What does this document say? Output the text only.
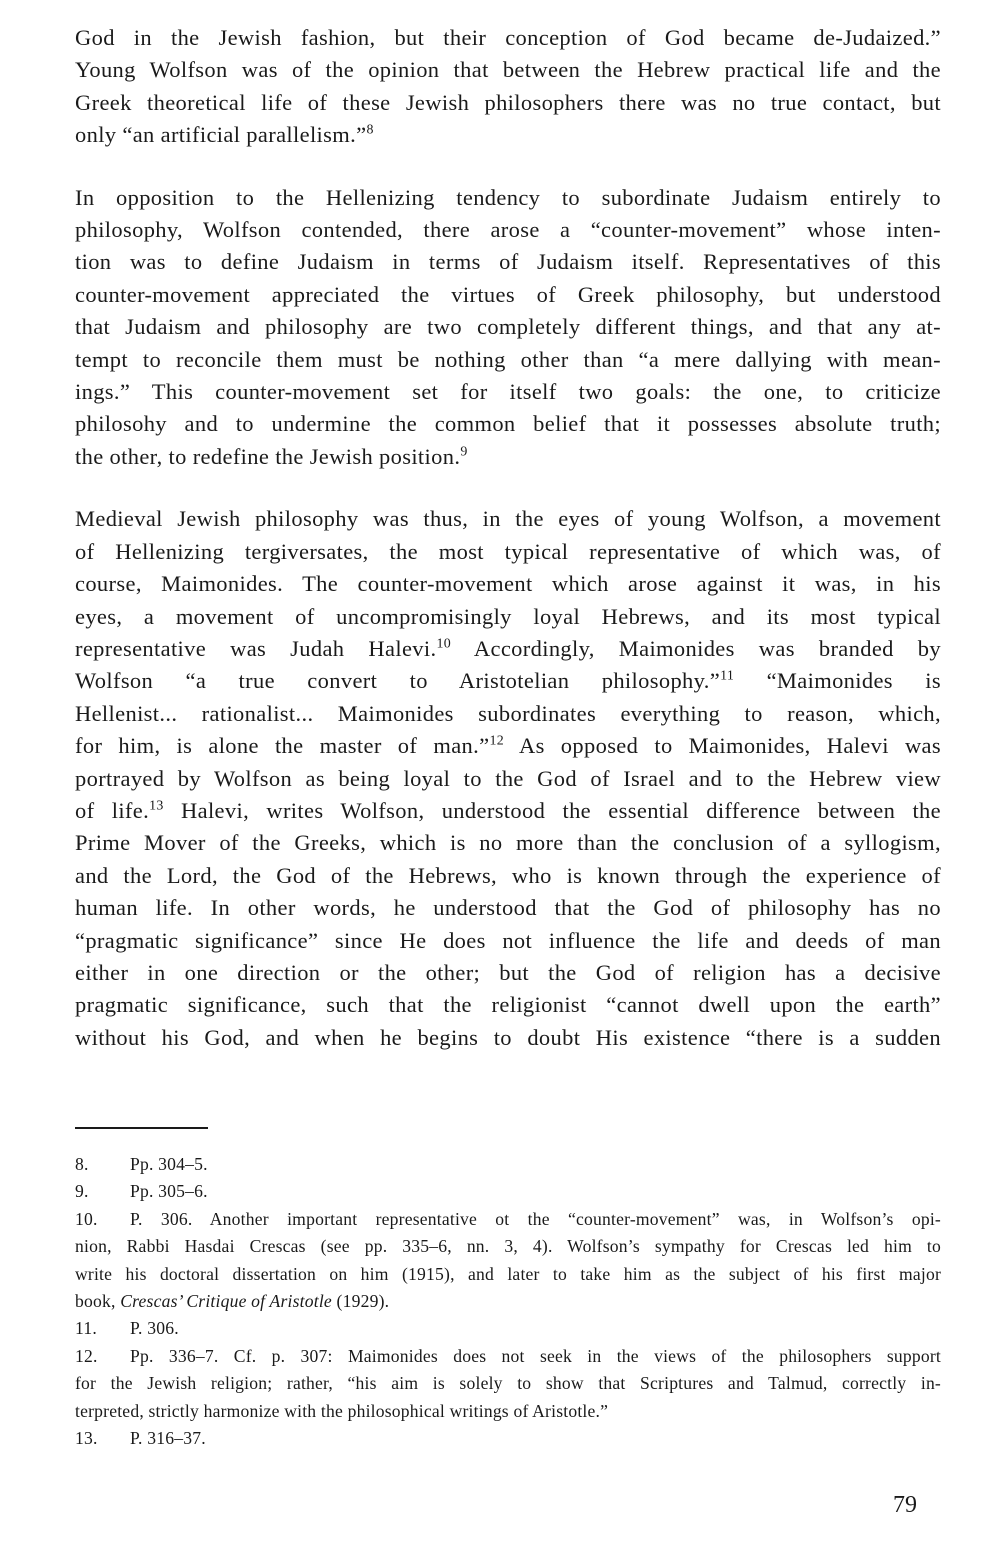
God in the Jewish fashion, but their conception of God became de-Judaized.”
Young Wolfson was of the opinion that between the Hebrew practical life and the
Greek theoretical life of these Jewish philosophers there was no true contact, but
only “an artificial parallelism.”$^8$

In opposition to the Hellenizing tendency to subordinate Judaism entirely to
philosophy, Wolfson contended, there arose a “counter-movement” whose inten-
tion was to define Judaism in terms of Judaism itself. Representatives of this
counter-movement appreciated the virtues of Greek philosophy, but understood
that Judaism and philosophy are two completely different things, and that any at-
tempt to reconcile them must be nothing other than “a mere dallying with mean-
ings.” This counter-movement set for itself two goals: the one, to criticize
philosohy and to undermine the common belief that it possesses absolute truth;
the other, to redefine the Jewish position.$^9$

Medieval Jewish philosophy was thus, in the eyes of young Wolfson, a movement
of Hellenizing tergiversates, the most typical representative of which was, of
course, Maimonides. The counter-movement which arose against it was, in his
eyes, a movement of uncompromisingly loyal Hebrews, and its most typical
representative was Judah Halevi.$^{10}$ Accordingly, Maimonides was branded by
Wolfson “a true convert to Aristotelian philosophy.”$^{11}$ “Maimonides is
Hellenist... rationalist... Maimonides subordinates everything to reason, which,
for him, is alone the master of man.”$^{12}$ As opposed to Maimonides, Halevi was
portrayed by Wolfson as being loyal to the God of Israel and to the Hebrew view
of life.$^{13}$ Halevi, writes Wolfson, understood the essential difference between the
Prime Mover of the Greeks, which is no more than the conclusion of a syllogism,
and the Lord, the God of the Hebrews, who is known through the experience of
human life. In other words, he understood that the God of philosophy has no
“pragmatic significance” since He does not influence the life and deeds of man
either in one direction or the other; but the God of religion has a decisive
pragmatic significance, such that the religionist “cannot dwell upon the earth”
without his God, and when he begins to doubt His existence “there is a sudden

8. Pp. 304–5.
9. Pp. 305–6.
10. P. 306. Another important representative ot the “counter-movement” was, in Wolfson’s opi-
nion, Rabbi Hasdai Crescas (see pp. 335–6, nn. 3, 4). Wolfson’s sympathy for Crescas led him to
write his doctoral dissertation on him (1915), and later to take him as the subject of his first major
book, Crescas’ Critique of Aristotle (1929).
11. P. 306.
12. Pp. 336–7. Cf. p. 307: Maimonides does not seek in the views of the philosophers support
for the Jewish religion; rather, “his aim is solely to show that Scriptures and Talmud, correctly in-
terpreted, strictly harmonize with the philosophical writings of Aristotle.”
13. P. 316–37.
79
